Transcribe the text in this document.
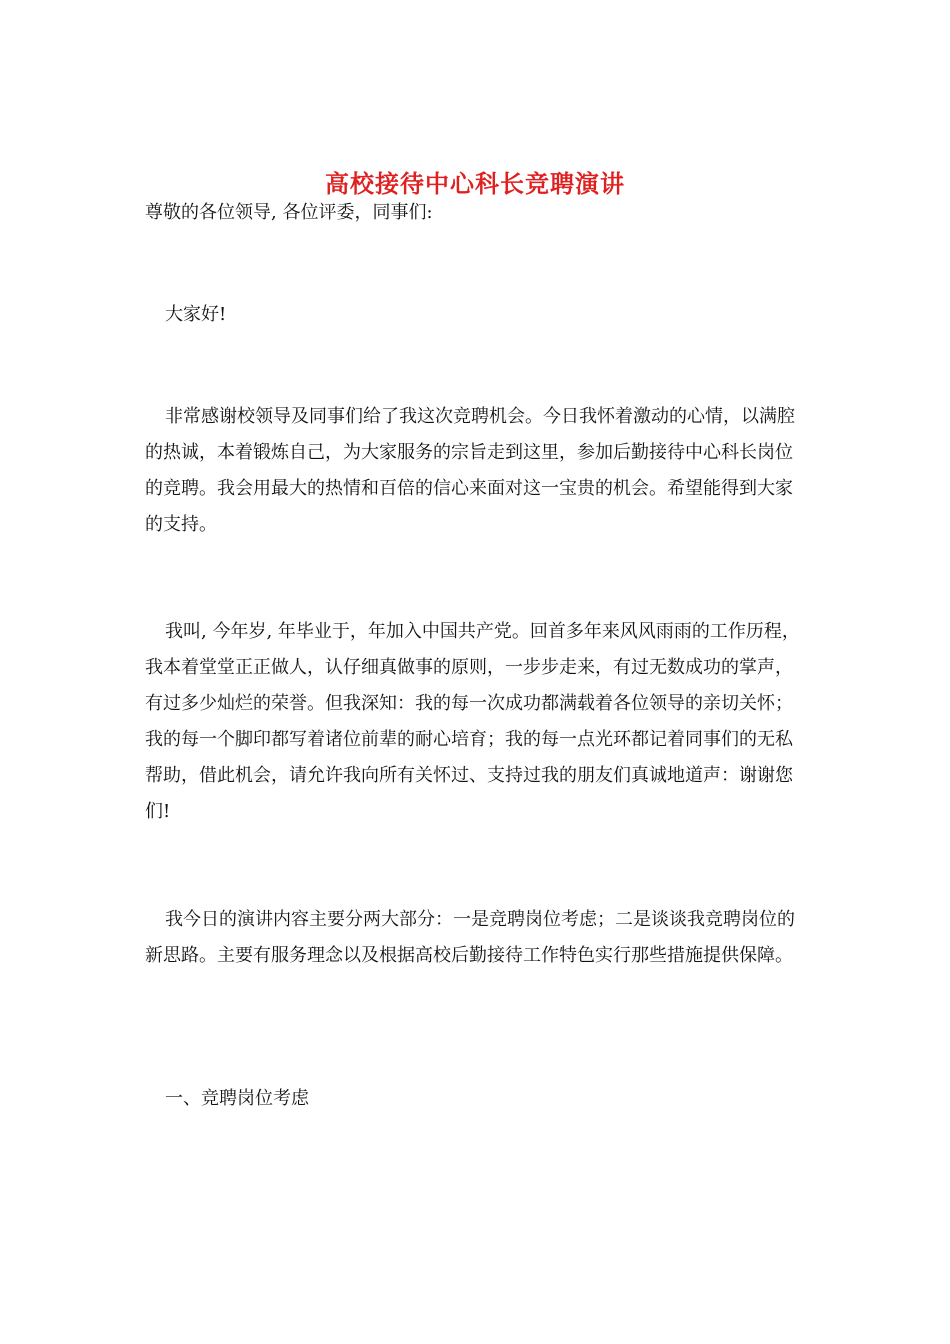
高校接待中心科长竞聘演讲

尊敬的各位领导, 各位评委，同事们:

大家好!

非常感谢校领导及同事们给了我这次竞聘机会。今日我怀着激动的心情，以满腔的热诚，本着锻炼自己，为大家服务的宗旨走到这里，参加后勤接待中心科长岗位的竞聘。我会用最大的热情和百倍的信心来面对这一宝贵的机会。希望能得到大家的支持。

我叫, 今年岁, 年毕业于，年加入中国共产党。回首多年来风风雨雨的工作历程，我本着堂堂正正做人，认仔细真做事的原则，一步步走来，有过无数成功的掌声，有过多少灿烂的荣誉。但我深知：我的每一次成功都满载着各位领导的亲切关怀；我的每一个脚印都写着诸位前辈的耐心培育；我的每一点光环都记着同事们的无私帮助，借此机会，请允许我向所有关怀过、支持过我的朋友们真诚地道声：谢谢您们!

我今日的演讲内容主要分两大部分：一是竞聘岗位考虑；二是谈谈我竞聘岗位的新思路。主要有服务理念以及根据高校后勤接待工作特色实行那些措施提供保障。

一、竞聘岗位考虑
